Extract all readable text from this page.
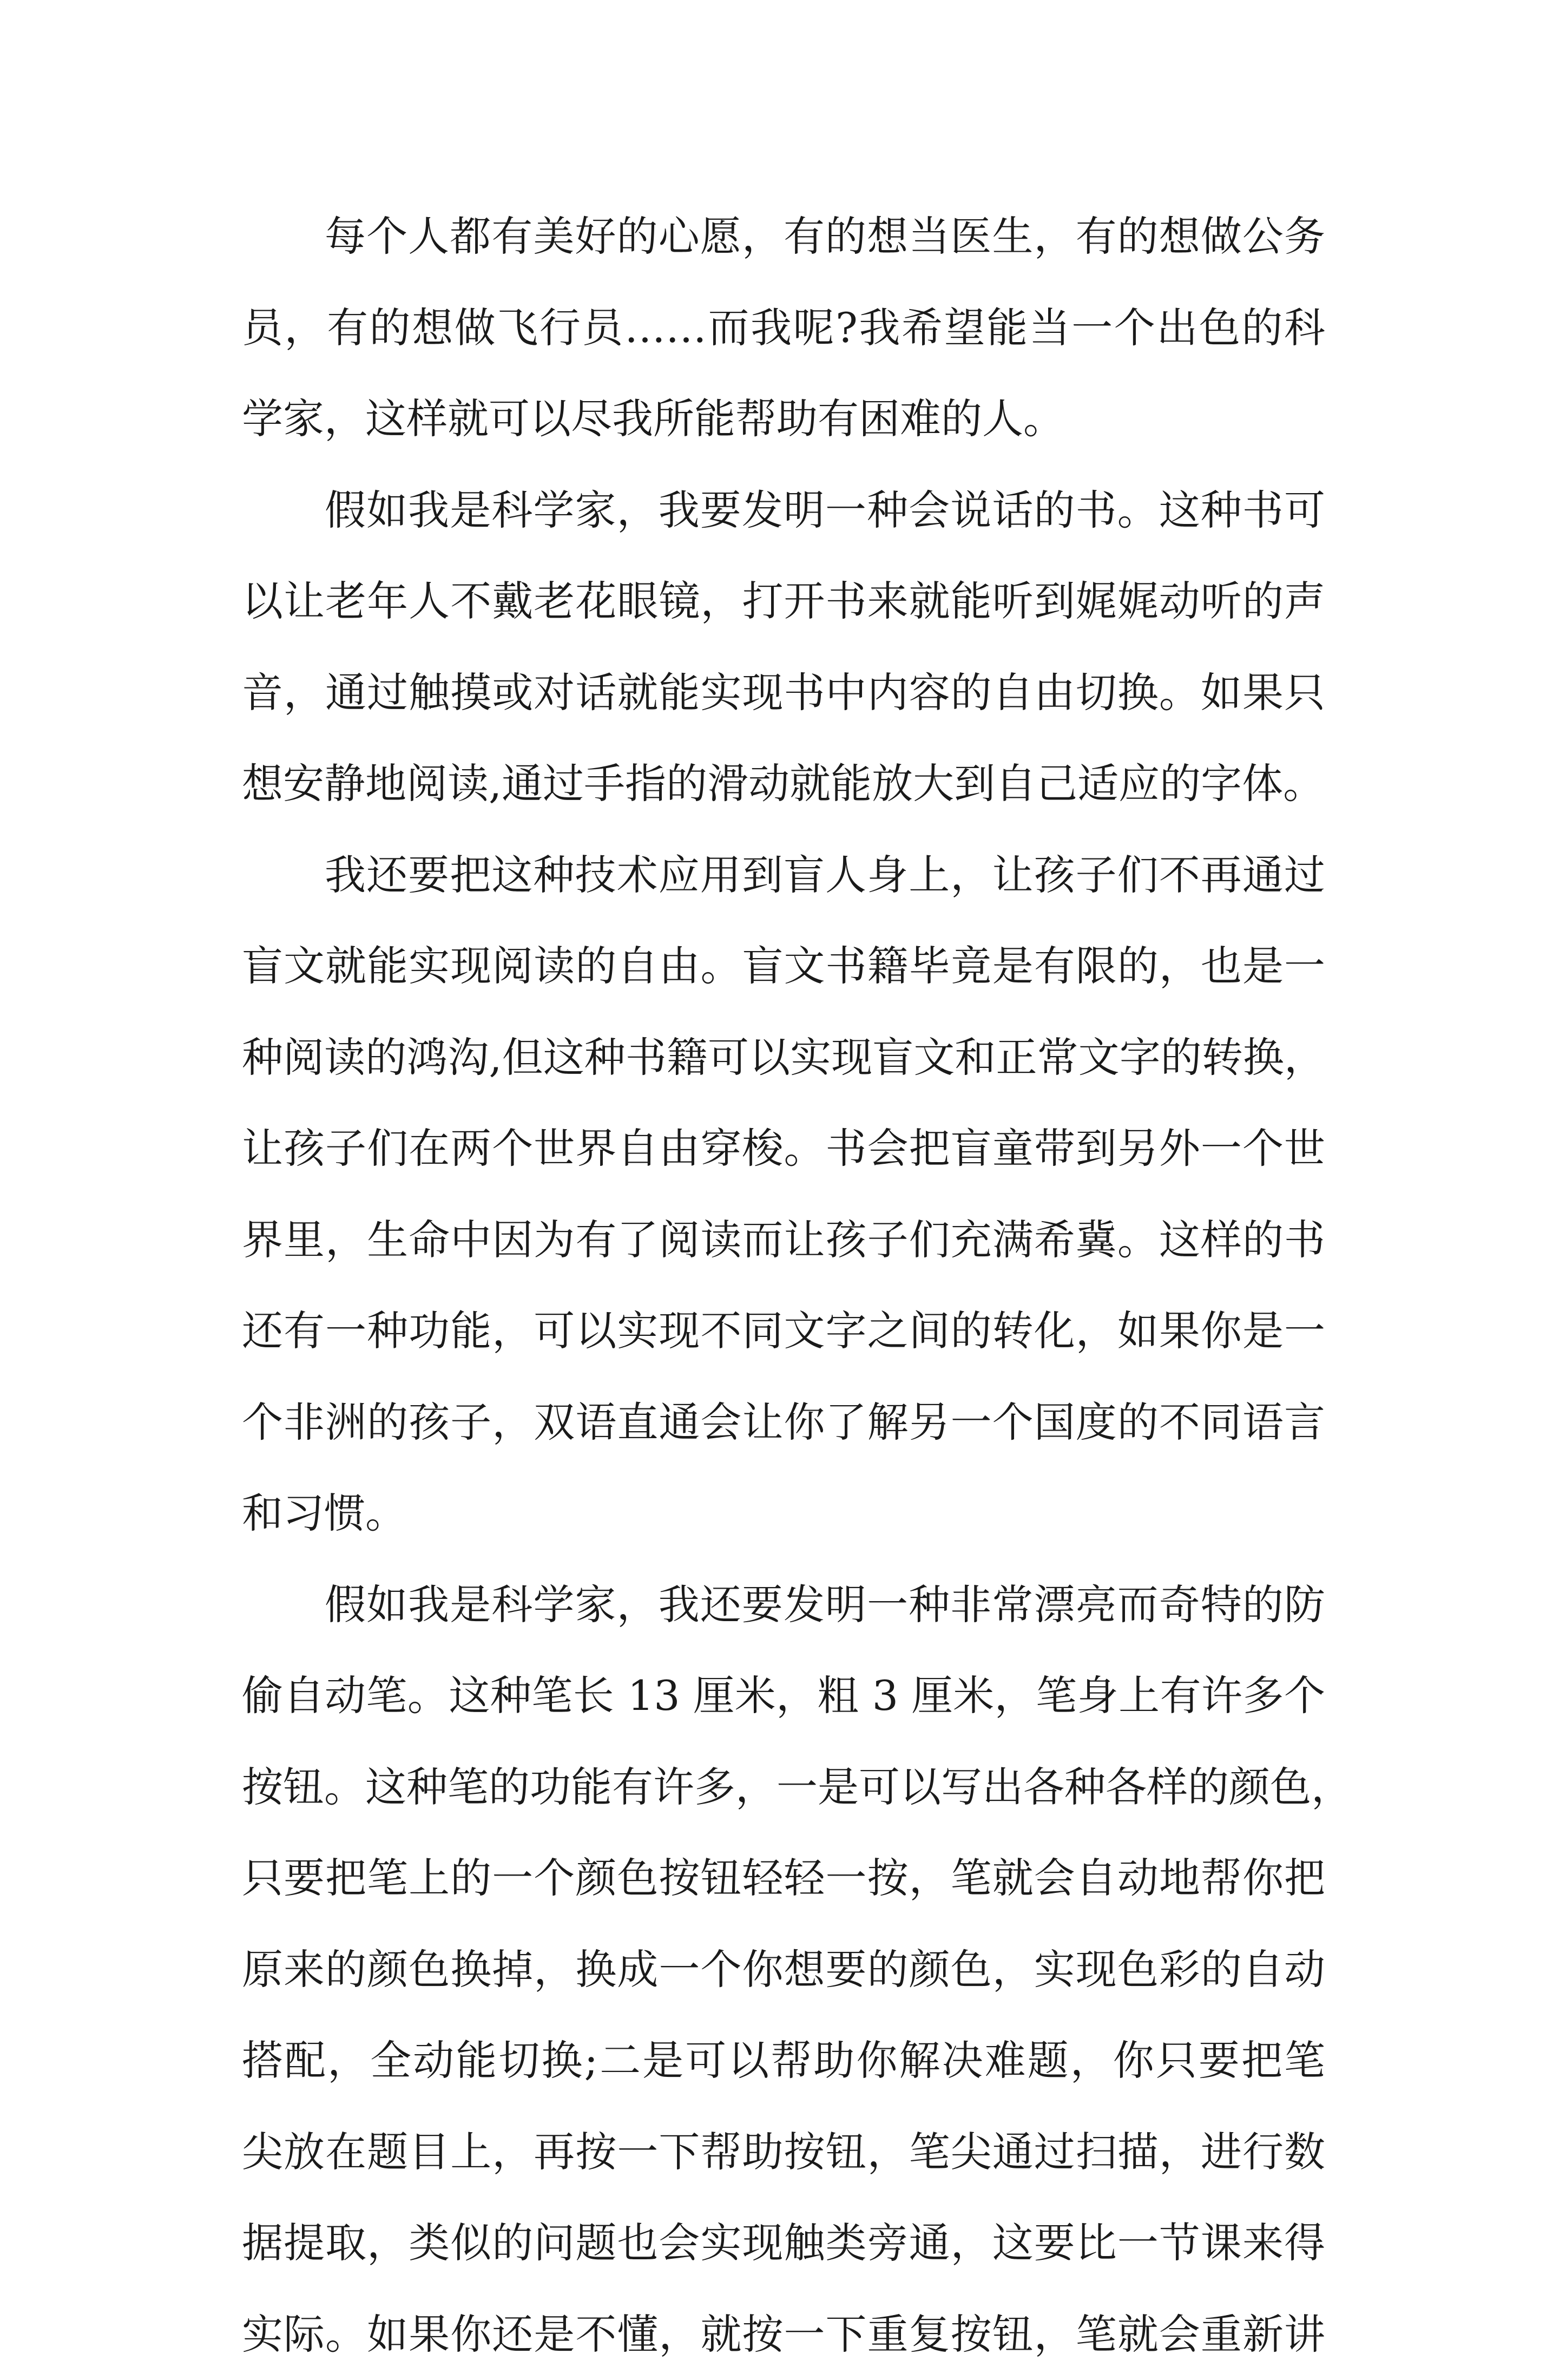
每个人都有美好的心愿，有的想当医生，有的想做公务
员，有的想做飞行员……而我呢?我希望能当一个出色的科
学家，这样就可以尽我所能帮助有困难的人。
假如我是科学家，我要发明一种会说话的书。这种书可
以让老年人不戴老花眼镜，打开书来就能听到娓娓动听的声
音，通过触摸或对话就能实现书中内容的自由切换。如果只
想安静地阅读,通过手指的滑动就能放大到自己适应的字体。
我还要把这种技术应用到盲人身上，让孩子们不再通过
盲文就能实现阅读的自由。盲文书籍毕竟是有限的，也是一
种阅读的鸿沟,但这种书籍可以实现盲文和正常文字的转换，
让孩子们在两个世界自由穿梭。书会把盲童带到另外一个世
界里，生命中因为有了阅读而让孩子们充满希冀。这样的书
还有一种功能，可以实现不同文字之间的转化，如果你是一
个非洲的孩子，双语直通会让你了解另一个国度的不同语言
和习惯。
假如我是科学家，我还要发明一种非常漂亮而奇特的防
偷自动笔。这种笔长 13 厘米，粗 3 厘米，笔身上有许多个
按钮。这种笔的功能有许多，一是可以写出各种各样的颜色，
只要把笔上的一个颜色按钮轻轻一按，笔就会自动地帮你把
原来的颜色换掉，换成一个你想要的颜色，实现色彩的自动
搭配，全动能切换;二是可以帮助你解决难题，你只要把笔
尖放在题目上，再按一下帮助按钮，笔尖通过扫描，进行数
据提取，类似的问题也会实现触类旁通，这要比一节课来得
实际。如果你还是不懂，就按一下重复按钮，笔就会重新讲
